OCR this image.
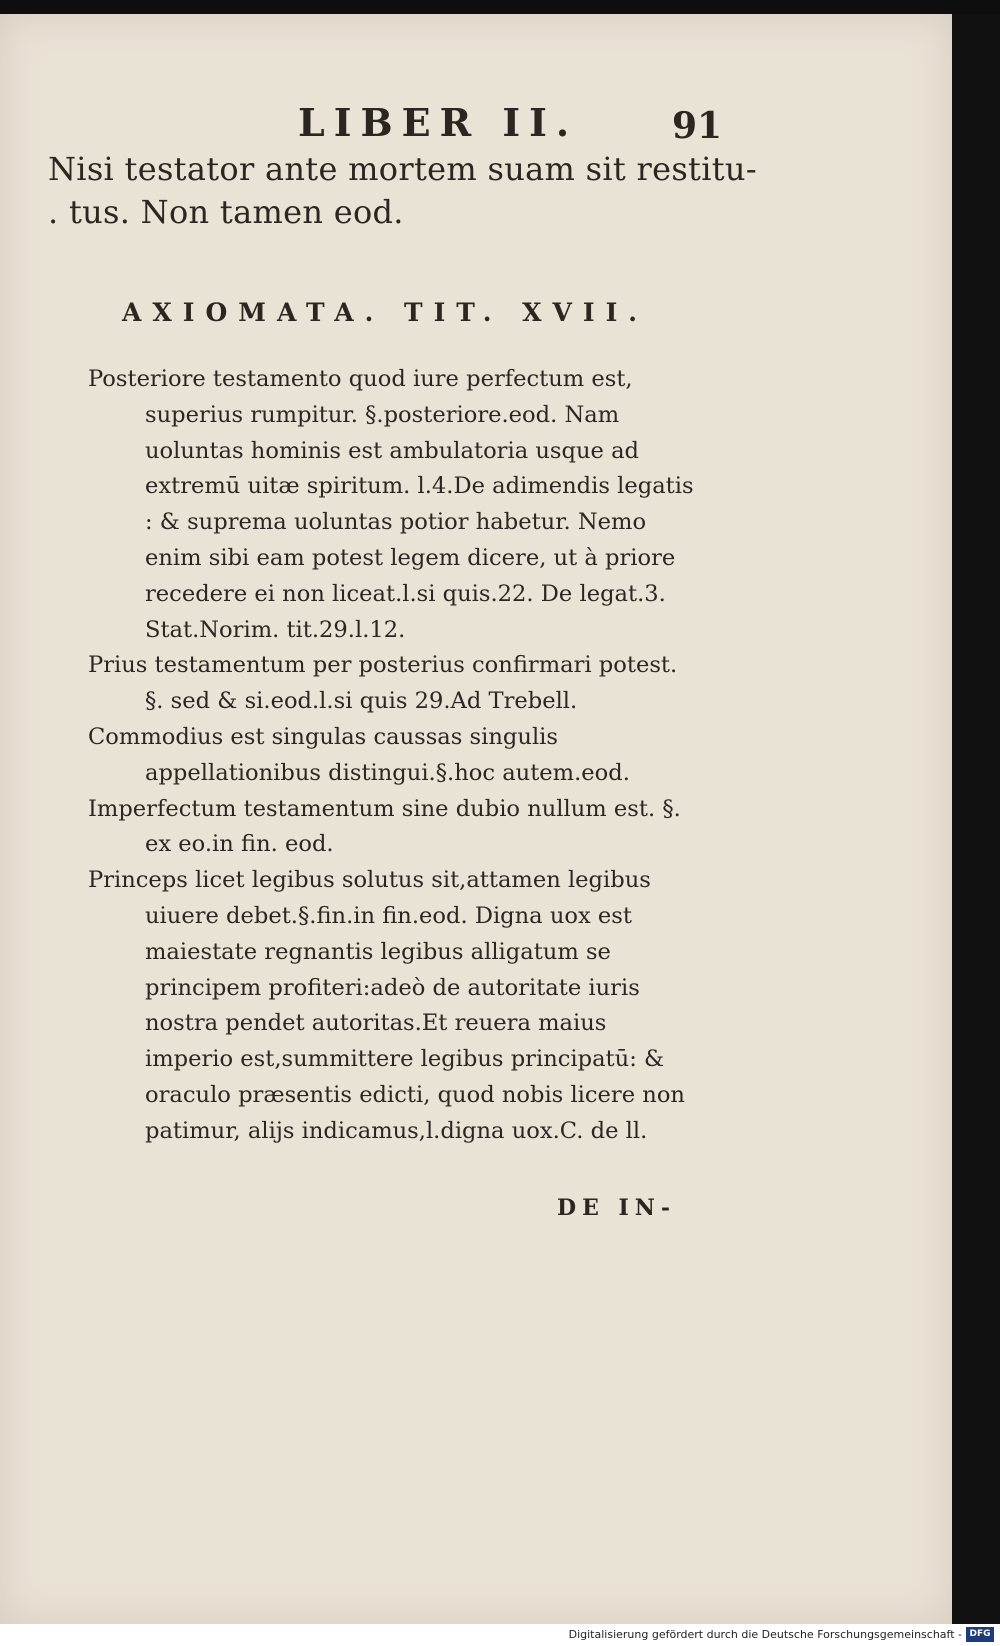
LIBER II.	91
Nisi testator ante mortem suam sit restitu-
. tus. Non tamen eod.
AXIOMATA. TIT. XVII.

Posteriore testamento quod iure perfectum est, superius rumpitur. §.posteriore.eod. Nam uoluntas hominis est ambulatoria usque ad extremū uitæ spiritum. l.4.De adimendis legatis : & suprema uoluntas potior habetur. Nemo enim sibi eam potest legem dicere, ut à priore recedere ei non liceat.l.si quis.22. De legat.3. Stat.Norim. tit.29.l.12.

Prius testamentum per posterius confirmari potest. §. sed & si.eod.l.si quis 29.Ad Trebell.

Commodius est singulas caussas singulis appellationibus distingui.§.hoc autem.eod.

Imperfectum testamentum sine dubio nullum est. §. ex eo.in fin. eod.

Princeps licet legibus solutus sit,attamen legibus uiuere debet.§.fin.in fin.eod. Digna uox est maiestate regnantis legibus alligatum se principem profiteri:adeò de autoritate iuris nostra pendet autoritas.Et reuera maius imperio est,summittere legibus principatū: & oraculo præsentis edicti, quod nobis licere non patimur, alijs indicamus,l.digna uox.C. de ll.

DE IN-
Digitalisierung gefördert durch die Deutsche Forschungsgemeinschaft - DFG
